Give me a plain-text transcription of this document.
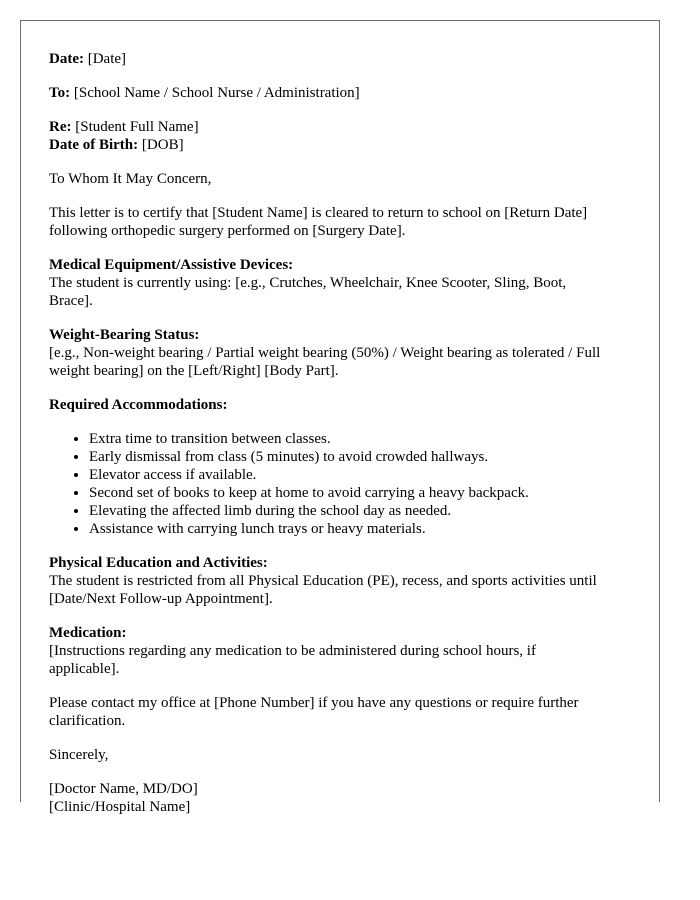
Date: [Date]

To: [School Name / School Nurse / Administration]

Re: [Student Full Name]
Date of Birth: [DOB]

To Whom It May Concern,

This letter is to certify that [Student Name] is cleared to return to school on [Return Date] following orthopedic surgery performed on [Surgery Date].

Medical Equipment/Assistive Devices:
The student is currently using: [e.g., Crutches, Wheelchair, Knee Scooter, Sling, Boot, Brace].
Weight-Bearing Status:
[e.g., Non-weight bearing / Partial weight bearing (50%) / Weight bearing as tolerated / Full weight bearing] on the [Left/Right] [Body Part].

Required Accommodations:

• Extra time to transition between classes.
• Early dismissal from class (5 minutes) to avoid crowded hallways.
• Elevator access if available.
• Second set of books to keep at home to avoid carrying a heavy backpack.
• Elevating the affected limb during the school day as needed.
• Assistance with carrying lunch trays or heavy materials.
Physical Education and Activities:
The student is restricted from all Physical Education (PE), recess, and sports activities until [Date/Next Follow-up Appointment].
Medication:
[Instructions regarding any medication to be administered during school hours, if applicable].

Please contact my office at [Phone Number] if you have any questions or require further clarification.

Sincerely,

[Doctor Name, MD/DO]
[Clinic/Hospital Name]
